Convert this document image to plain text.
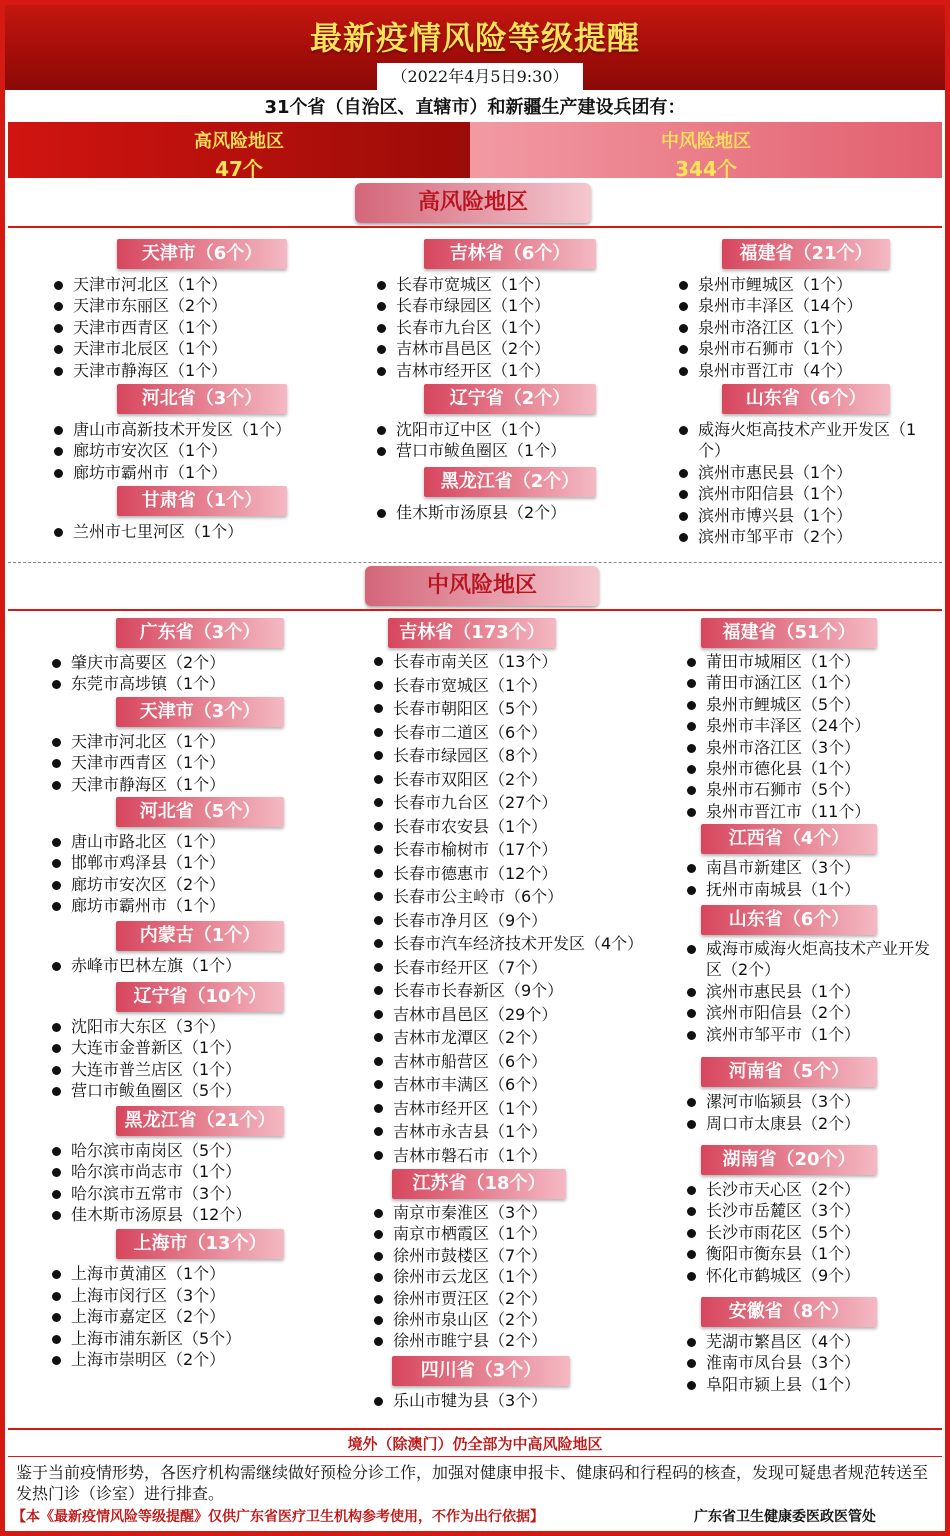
最新疫情风险等级提醒
（2022年4月5日9:30）
31个省（自治区、直辖市）和新疆生产建设兵团有：
高风险地区
47个
中风险地区
344个
高风险地区
天津市（6个）
天津市河北区（1个）
天津市东丽区（2个）
天津市西青区（1个）
天津市北辰区（1个）
天津市静海区（1个）
河北省（3个）
唐山市高新技术开发区（1个）
廊坊市安次区（1个）
廊坊市霸州市（1个）
甘肃省（1个）
兰州市七里河区（1个）
吉林省（6个）
长春市宽城区（1个）
长春市绿园区（1个）
长春市九台区（1个）
吉林市昌邑区（2个）
吉林市经开区（1个）
辽宁省（2个）
沈阳市辽中区（1个）
营口市鲅鱼圈区（1个）
黑龙江省（2个）
佳木斯市汤原县（2个）
福建省（21个）
泉州市鲤城区（1个）
泉州市丰泽区（14个）
泉州市洛江区（1个）
泉州市石狮市（1个）
泉州市晋江市（4个）
山东省（6个）
威海火炬高技术产业开发区（1个）
滨州市惠民县（1个）
滨州市阳信县（1个）
滨州市博兴县（1个）
滨州市邹平市（2个）
中风险地区
广东省（3个）
肇庆市高要区（2个）
东莞市高埗镇（1个）
天津市（3个）
天津市河北区（1个）
天津市西青区（1个）
天津市静海区（1个）
河北省（5个）
唐山市路北区（1个）
邯郸市鸡泽县（1个）
廊坊市安次区（2个）
廊坊市霸州市（1个）
内蒙古（1个）
赤峰市巴林左旗（1个）
辽宁省（10个）
沈阳市大东区（3个）
大连市金普新区（1个）
大连市普兰店区（1个）
营口市鲅鱼圈区（5个）
黑龙江省（21个）
哈尔滨市南岗区（5个）
哈尔滨市尚志市（1个）
哈尔滨市五常市（3个）
佳木斯市汤原县（12个）
上海市（13个）
上海市黄浦区（1个）
上海市闵行区（3个）
上海市嘉定区（2个）
上海市浦东新区（5个）
上海市崇明区（2个）
吉林省（173个）
长春市南关区（13个）
长春市宽城区（1个）
长春市朝阳区（5个）
长春市二道区（6个）
长春市绿园区（8个）
长春市双阳区（2个）
长春市九台区（27个）
长春市农安县（1个）
长春市榆树市（17个）
长春市德惠市（12个）
长春市公主岭市（6个）
长春市净月区（9个）
长春市汽车经济技术开发区（4个）
长春市经开区（7个）
长春市长春新区（9个）
吉林市昌邑区（29个）
吉林市龙潭区（2个）
吉林市船营区（6个）
吉林市丰满区（6个）
吉林市经开区（1个）
吉林市永吉县（1个）
吉林市磐石市（1个）
江苏省（18个）
南京市秦淮区（3个）
南京市栖霞区（1个）
徐州市鼓楼区（7个）
徐州市云龙区（1个）
徐州市贾汪区（2个）
徐州市泉山区（2个）
徐州市睢宁县（2个）
四川省（3个）
乐山市犍为县（3个）
福建省（51个）
莆田市城厢区（1个）
莆田市涵江区（1个）
泉州市鲤城区（5个）
泉州市丰泽区（24个）
泉州市洛江区（3个）
泉州市德化县（1个）
泉州市石狮市（5个）
泉州市晋江市（11个）
江西省（4个）
南昌市新建区（3个）
抚州市南城县（1个）
山东省（6个）
威海市威海火炬高技术产业开发区（2个）
滨州市惠民县（1个）
滨州市阳信县（2个）
滨州市邹平市（1个）
河南省（5个）
漯河市临颍县（3个）
周口市太康县（2个）
湖南省（20个）
长沙市天心区（2个）
长沙市岳麓区（3个）
长沙市雨花区（5个）
衡阳市衡东县（1个）
怀化市鹤城区（9个）
安徽省（8个）
芜湖市繁昌区（4个）
淮南市凤台县（3个）
阜阳市颍上县（1个）
境外（除澳门）仍全部为中高风险地区
鉴于当前疫情形势，各医疗机构需继续做好预检分诊工作，加强对健康申报卡、健康码和行程码的核查，发现可疑患者规范转送至发热门诊（诊室）进行排查。
【本《最新疫情风险等级提醒》仅供广东省医疗卫生机构参考使用，不作为出行依据】	广东省卫生健康委医政医管处
